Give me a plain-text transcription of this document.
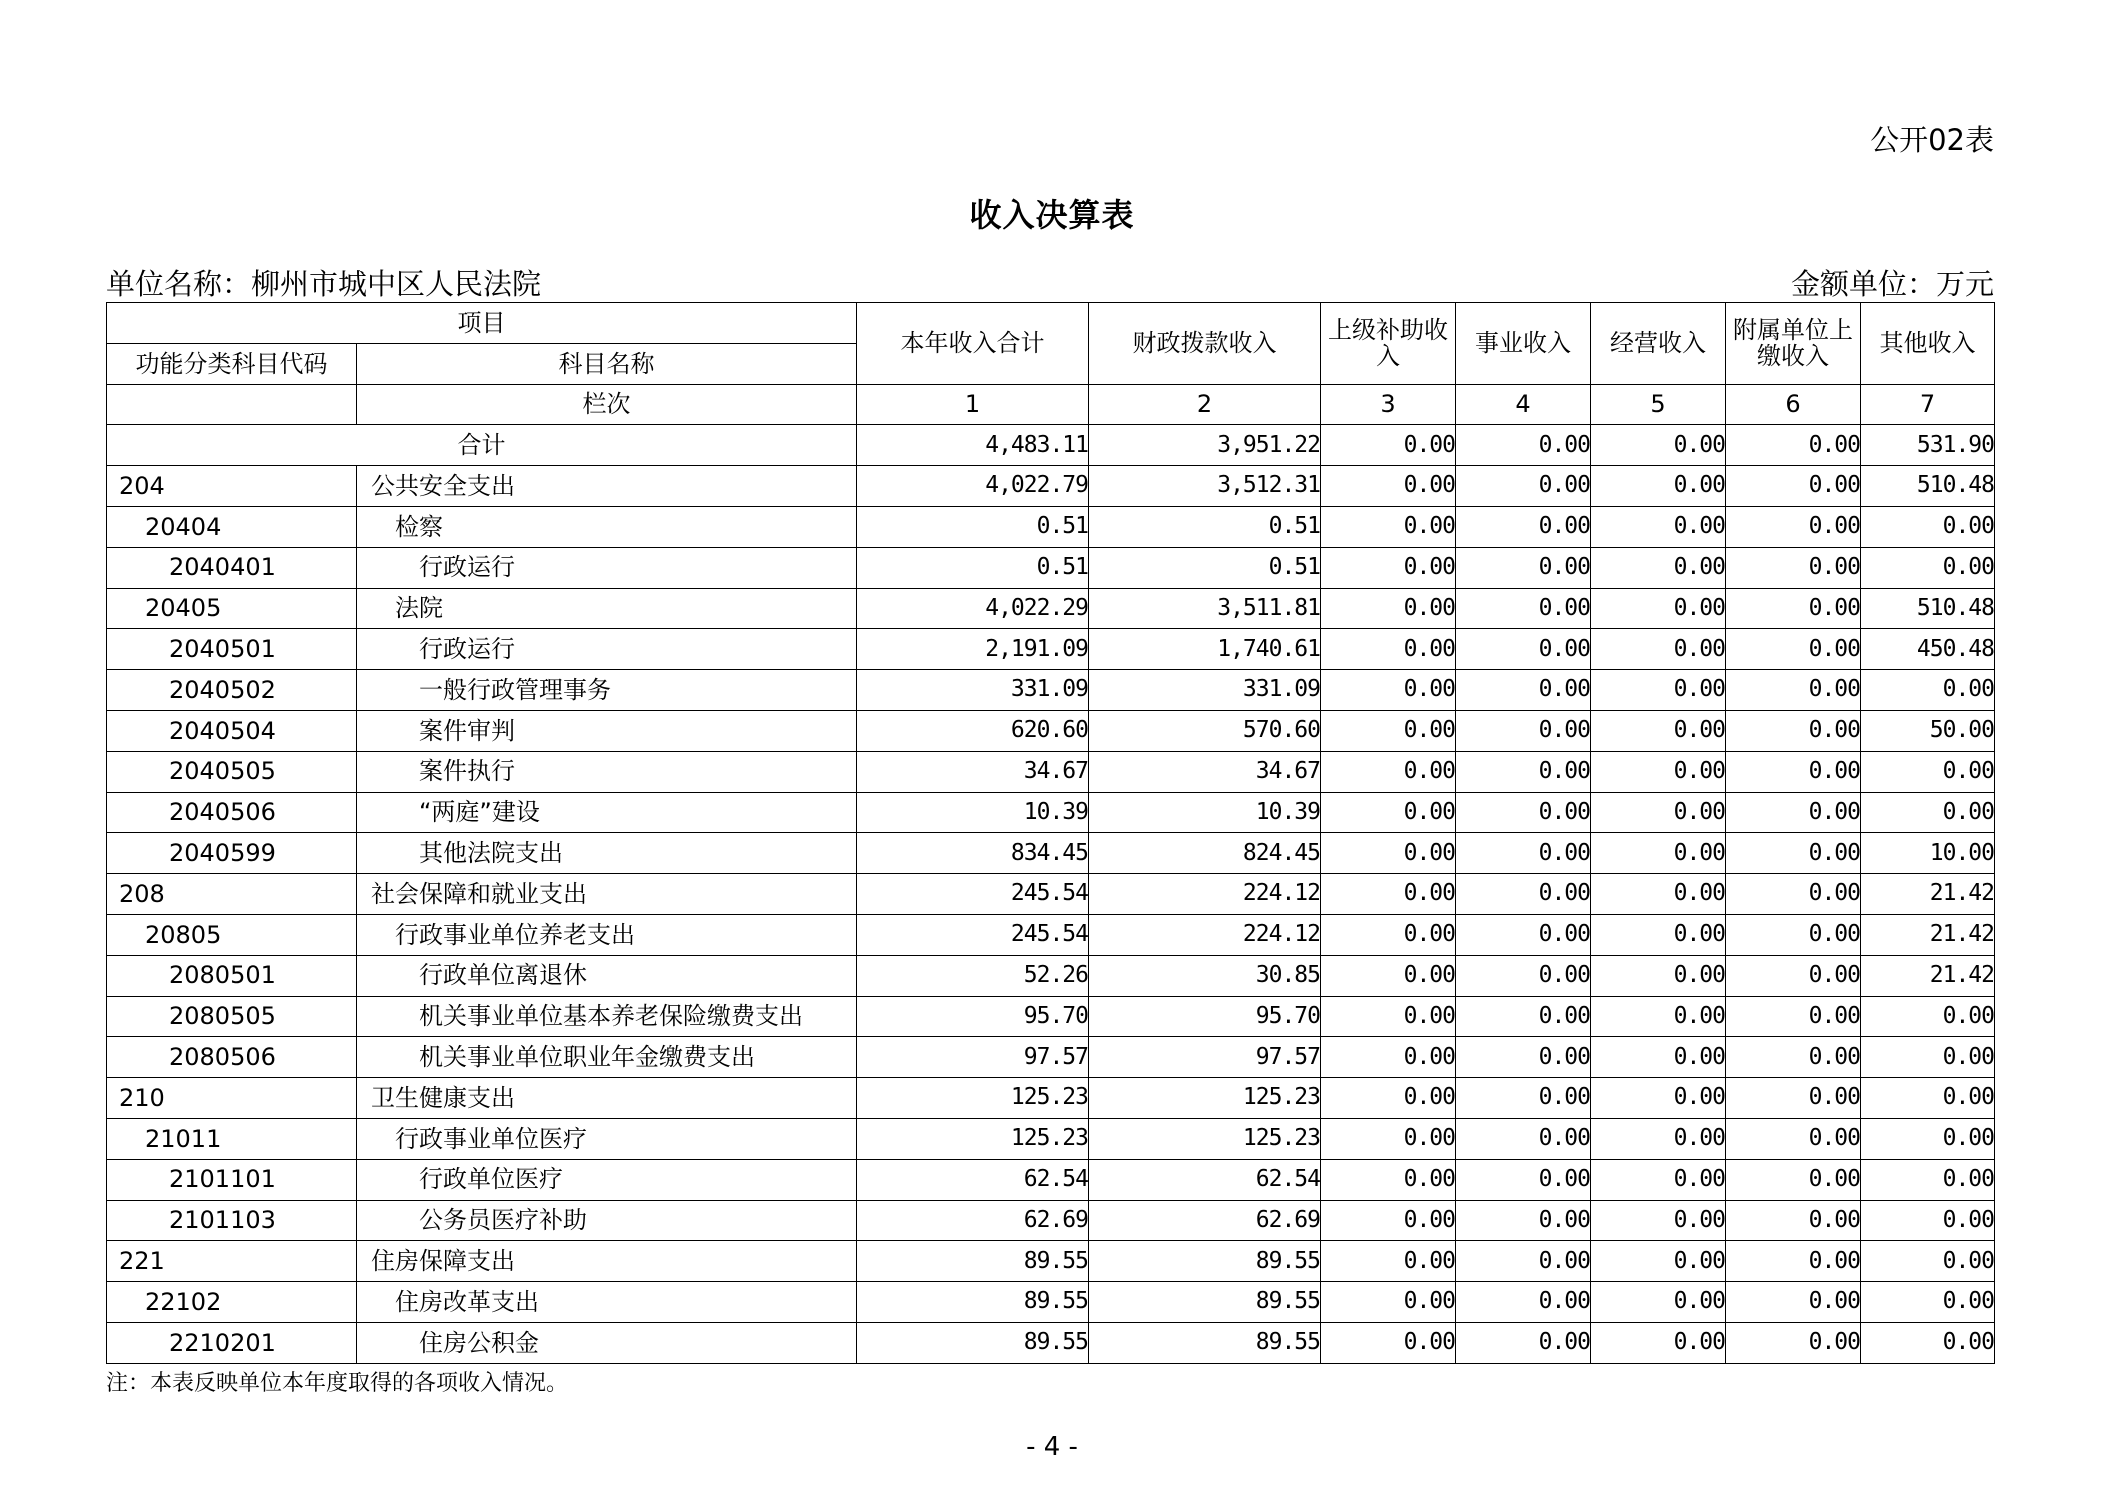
公开02表
收入决算表
单位名称：柳州市城中区人民法院	金额单位：万元
项目		本年收入合计	财政拨款收入	上级补助收入	事业收入	经营收入	附属单位上缴收入	其他收入
功能分类科目代码	科目名称							
	栏次	1	2	3	4	5	6	7
合计		4,483.11	3,951.22	0.00	0.00	0.00	0.00	531.90
204	公共安全支出	4,022.79	3,512.31	0.00	0.00	0.00	0.00	510.48
20404	检察	0.51	0.51	0.00	0.00	0.00	0.00	0.00
2040401	行政运行	0.51	0.51	0.00	0.00	0.00	0.00	0.00
20405	法院	4,022.29	3,511.81	0.00	0.00	0.00	0.00	510.48
2040501	行政运行	2,191.09	1,740.61	0.00	0.00	0.00	0.00	450.48
2040502	一般行政管理事务	331.09	331.09	0.00	0.00	0.00	0.00	0.00
2040504	案件审判	620.60	570.60	0.00	0.00	0.00	0.00	50.00
2040505	案件执行	34.67	34.67	0.00	0.00	0.00	0.00	0.00
2040506	“两庭”建设	10.39	10.39	0.00	0.00	0.00	0.00	0.00
2040599	其他法院支出	834.45	824.45	0.00	0.00	0.00	0.00	10.00
208	社会保障和就业支出	245.54	224.12	0.00	0.00	0.00	0.00	21.42
20805	行政事业单位养老支出	245.54	224.12	0.00	0.00	0.00	0.00	21.42
2080501	行政单位离退休	52.26	30.85	0.00	0.00	0.00	0.00	21.42
2080505	机关事业单位基本养老保险缴费支出	95.70	95.70	0.00	0.00	0.00	0.00	0.00
2080506	机关事业单位职业年金缴费支出	97.57	97.57	0.00	0.00	0.00	0.00	0.00
210	卫生健康支出	125.23	125.23	0.00	0.00	0.00	0.00	0.00
21011	行政事业单位医疗	125.23	125.23	0.00	0.00	0.00	0.00	0.00
2101101	行政单位医疗	62.54	62.54	0.00	0.00	0.00	0.00	0.00
2101103	公务员医疗补助	62.69	62.69	0.00	0.00	0.00	0.00	0.00
221	住房保障支出	89.55	89.55	0.00	0.00	0.00	0.00	0.00
22102	住房改革支出	89.55	89.55	0.00	0.00	0.00	0.00	0.00
2210201	住房公积金	89.55	89.55	0.00	0.00	0.00	0.00	0.00
注：本表反映单位本年度取得的各项收入情况。
- 4 -
